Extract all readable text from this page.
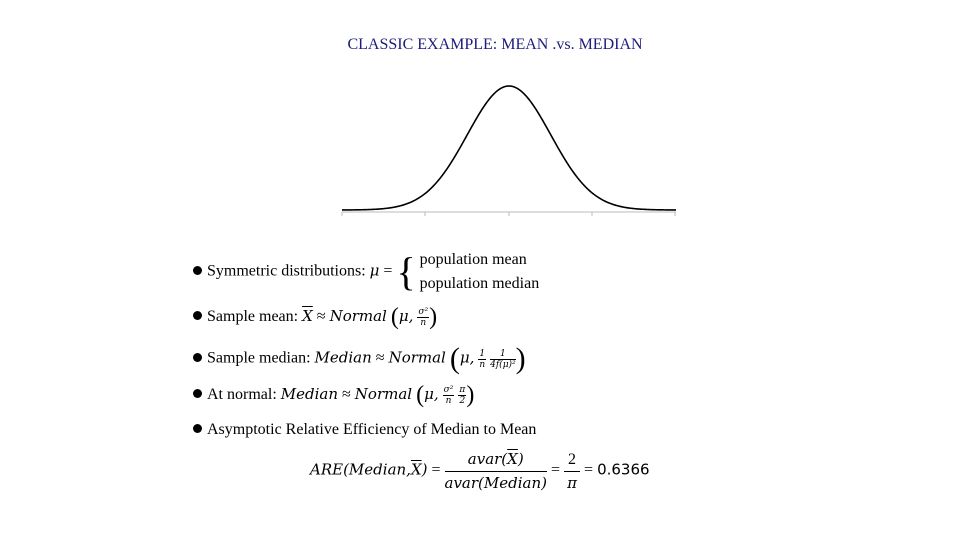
CLASSIC EXAMPLE: MEAN .vs. MEDIAN
Symmetric distributions: μ = { population mean
population median
Sample mean: $\overline{X}$ ≈ Normal (μ, $\frac{\text{σ²}}{n}$ )
Sample median: Median ≈ Normal (μ, $\frac{1}{n}$
$\frac{1}{\text{4f(μ)²}}$ )
At normal: Median ≈ Normal (μ, $\frac{\text{σ²}}{n}$
$\frac{\pi}{2}$ )
Asymptotic Relative Efficiency of Median to Mean
$ARE(Median,\overline{X}) = \frac{avar(\overline{X})}{\text{avar(Median)}} = \frac{2}{\pi} = 0.6366$
